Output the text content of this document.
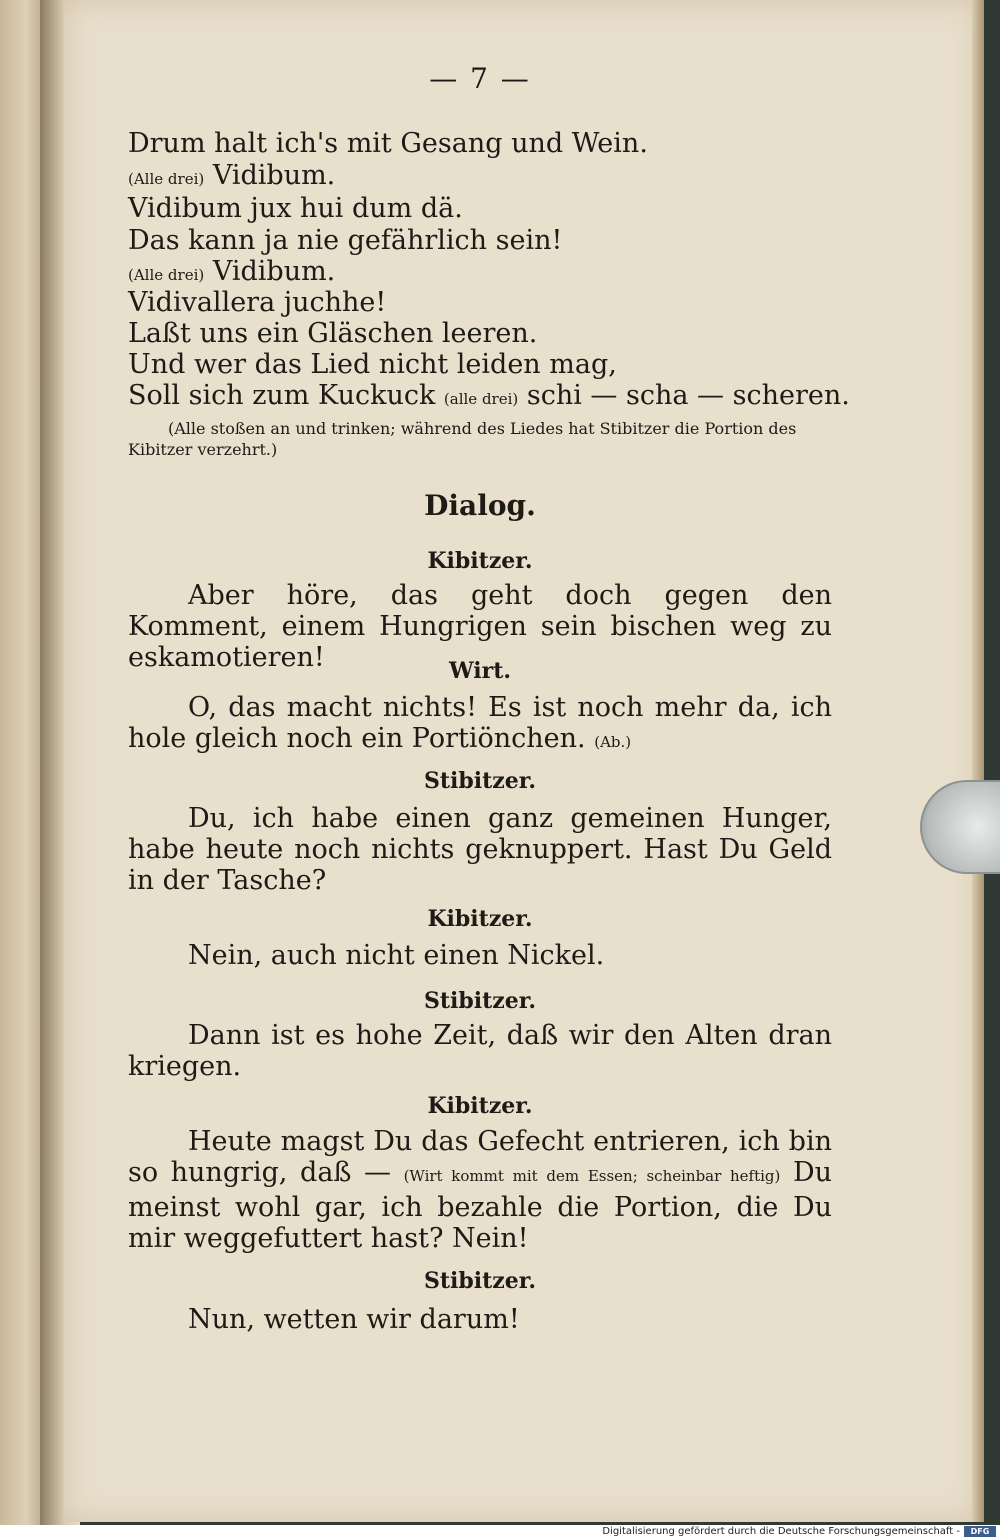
— 7 —
Drum halt ich's mit Gesang und Wein.
(Alle drei) Vidibum.
Vidibum jux hui dum dä.
Das kann ja nie gefährlich sein!
(Alle drei) Vidibum.
Vidivallera juchhe!
Laßt uns ein Gläschen leeren.
Und wer das Lied nicht leiden mag,
Soll sich zum Kuckuck (alle drei) schi — scha — scheren.
(Alle stoßen an und trinken; während des Liedes hat Stibitzer die Portion des Kibitzer verzehrt.)
Dialog.
Kibitzer.
Aber höre, das geht doch gegen den Komment, einem Hungrigen sein bischen weg zu eskamotieren!	Wirt.
O, das macht nichts! Es ist noch mehr da, ich hole gleich noch ein Portiönchen. (Ab.)
Stibitzer.
Du, ich habe einen ganz gemeinen Hunger, habe heute noch nichts geknuppert. Hast Du Geld in der Tasche?
Kibitzer.
Nein, auch nicht einen Nickel.
Stibitzer.
Dann ist es hohe Zeit, daß wir den Alten dran kriegen.
Kibitzer.
Heute magst Du das Gefecht entrieren, ich bin so hungrig, daß — (Wirt kommt mit dem Essen; scheinbar heftig) Du meinst wohl gar, ich bezahle die Portion, die Du mir weggefuttert hast? Nein!
Stibitzer.
Nun, wetten wir darum!
Digitalisierung gefördert durch die Deutsche Forschungsgemeinschaft -	DFG
